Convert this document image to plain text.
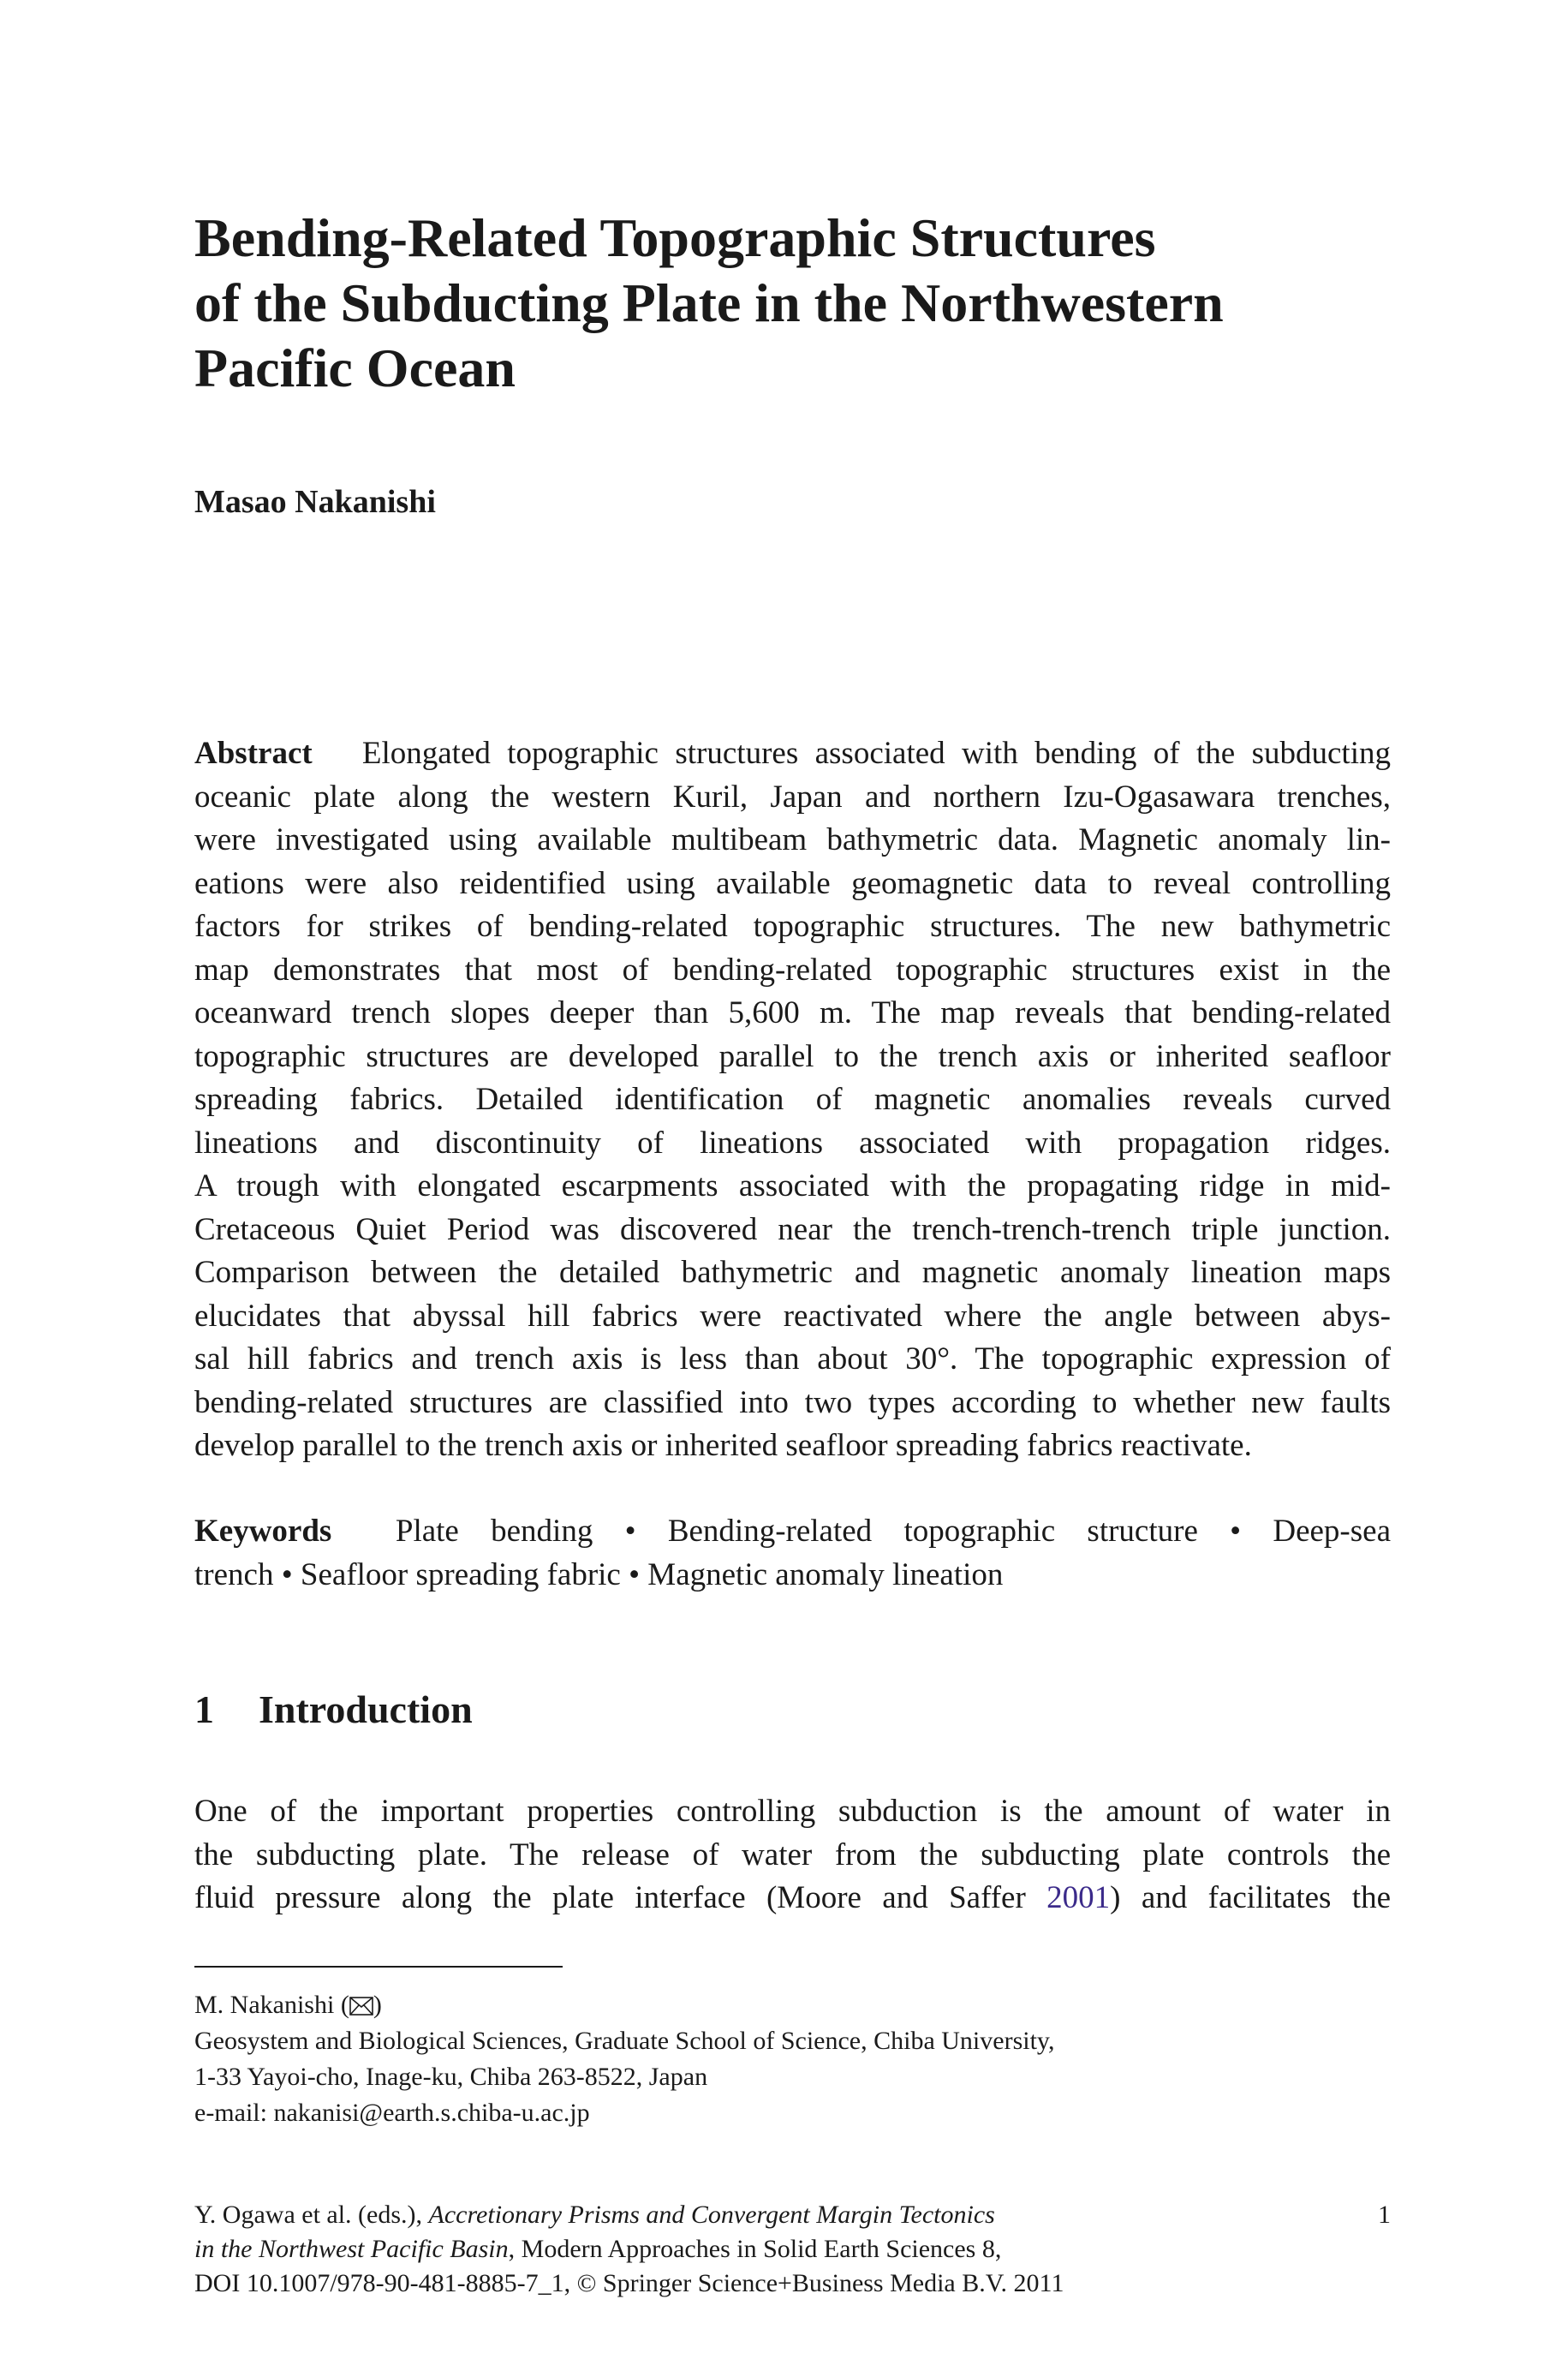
Bending-Related Topographic Structures
of the Subducting Plate in the Northwestern
Pacific Ocean
Masao Nakanishi
Abstract Elongated topographic structures associated with bending of the subducting
oceanic plate along the western Kuril, Japan and northern Izu-Ogasawara trenches,
were investigated using available multibeam bathymetric data. Magnetic anomaly lin-
eations were also reidentified using available geomagnetic data to reveal controlling
factors for strikes of bending-related topographic structures. The new bathymetric
map demonstrates that most of bending-related topographic structures exist in the
oceanward trench slopes deeper than 5,600 m. The map reveals that bending-related
topographic structures are developed parallel to the trench axis or inherited seafloor
spreading fabrics. Detailed identification of magnetic anomalies reveals curved
lineations and discontinuity of lineations associated with propagation ridges.
A trough with elongated escarpments associated with the propagating ridge in mid-
Cretaceous Quiet Period was discovered near the trench-trench-trench triple junction.
Comparison between the detailed bathymetric and magnetic anomaly lineation maps
elucidates that abyssal hill fabrics were reactivated where the angle between abys-
sal hill fabrics and trench axis is less than about 30°. The topographic expression of
bending-related structures are classified into two types according to whether new faults
develop parallel to the trench axis or inherited seafloor spreading fabrics reactivate.
Keywords Plate bending • Bending-related topographic structure • Deep-sea
trench • Seafloor spreading fabric • Magnetic anomaly lineation
1 Introduction
One of the important properties controlling subduction is the amount of water in
the subducting plate. The release of water from the subducting plate controls the
fluid pressure along the plate interface (Moore and Saffer 2001) and facilitates the
M. Nakanishi ( )
Geosystem and Biological Sciences, Graduate School of Science, Chiba University,
1-33 Yayoi-cho, Inage-ku, Chiba 263-8522, Japan
e-mail: nakanisi@earth.s.chiba-u.ac.jp
Y. Ogawa et al. (eds.), Accretionary Prisms and Convergent Margin Tectonics
in the Northwest Pacific Basin, Modern Approaches in Solid Earth Sciences 8,
DOI 10.1007/978-90-481-8885-7_1, © Springer Science+Business Media B.V. 2011
1
